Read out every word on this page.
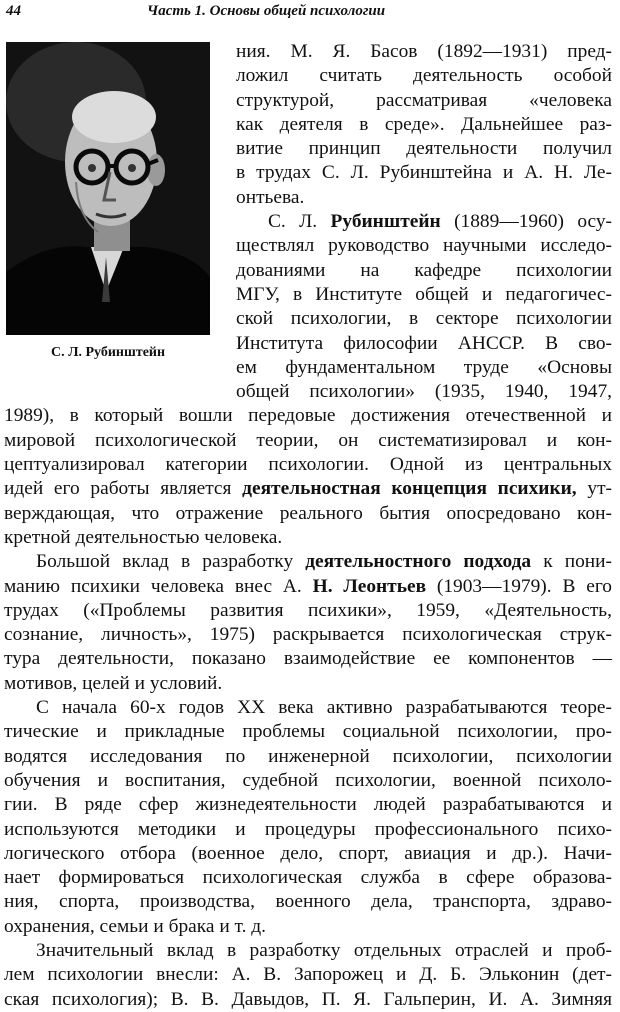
44	Часть 1. Основы общей психологии
С. Л. Рубинштейн
ния. М. Я. Басов (1892—1931) пред-
ложил считать деятельность особой
структурой, рассматривая «человека
как деятеля в среде». Дальнейшее раз-
витие принцип деятельности получил
в трудах С. Л. Рубинштейна и А. Н. Ле-
онтьева.
С. Л. Рубинштейн (1889—1960) осу-
ществлял руководство научными исследо-
дованиями на кафедре психологии
МГУ, в Институте общей и педагогичес-
ской психологии, в секторе психологии
Института философии АНССР. В сво-
ем фундаментальном труде «Основы
общей психологии» (1935, 1940, 1947,
1989), в который вошли передовые достижения отечественной и
мировой психологической теории, он систематизировал и кон-
цептуализировал категории психологии. Одной из центральных
идей его работы является деятельностная концепция психики, ут-
верждающая, что отражение реального бытия опосредовано кон-
кретной деятельностью человека.
Большой вклад в разработку деятельностного подхода к пони-
манию психики человека внес А. Н. Леонтьев (1903—1979). В его
трудах («Проблемы развития психики», 1959, «Деятельность,
сознание, личность», 1975) раскрывается психологическая струк-
тура деятельности, показано взаимодействие ее компонентов —
мотивов, целей и условий.
С начала 60-х годов XX века активно разрабатываются теоре-
тические и прикладные проблемы социальной психологии, про-
водятся исследования по инженерной психологии, психологии
обучения и воспитания, судебной психологии, военной психоло-
гии. В ряде сфер жизнедеятельности людей разрабатываются и
используются методики и процедуры профессионального психо-
логического отбора (военное дело, спорт, авиация и др.). Начи-
нает формироваться психологическая служба в сфере образова-
ния, спорта, производства, военного дела, транспорта, здраво-
охранения, семьи и брака и т. д.
Значительный вклад в разработку отдельных отраслей и проб-
лем психологии внесли: А. В. Запорожец и Д. Б. Эльконин (дет-
ская психология); В. В. Давыдов, П. Я. Гальперин, И. А. Зимняя
